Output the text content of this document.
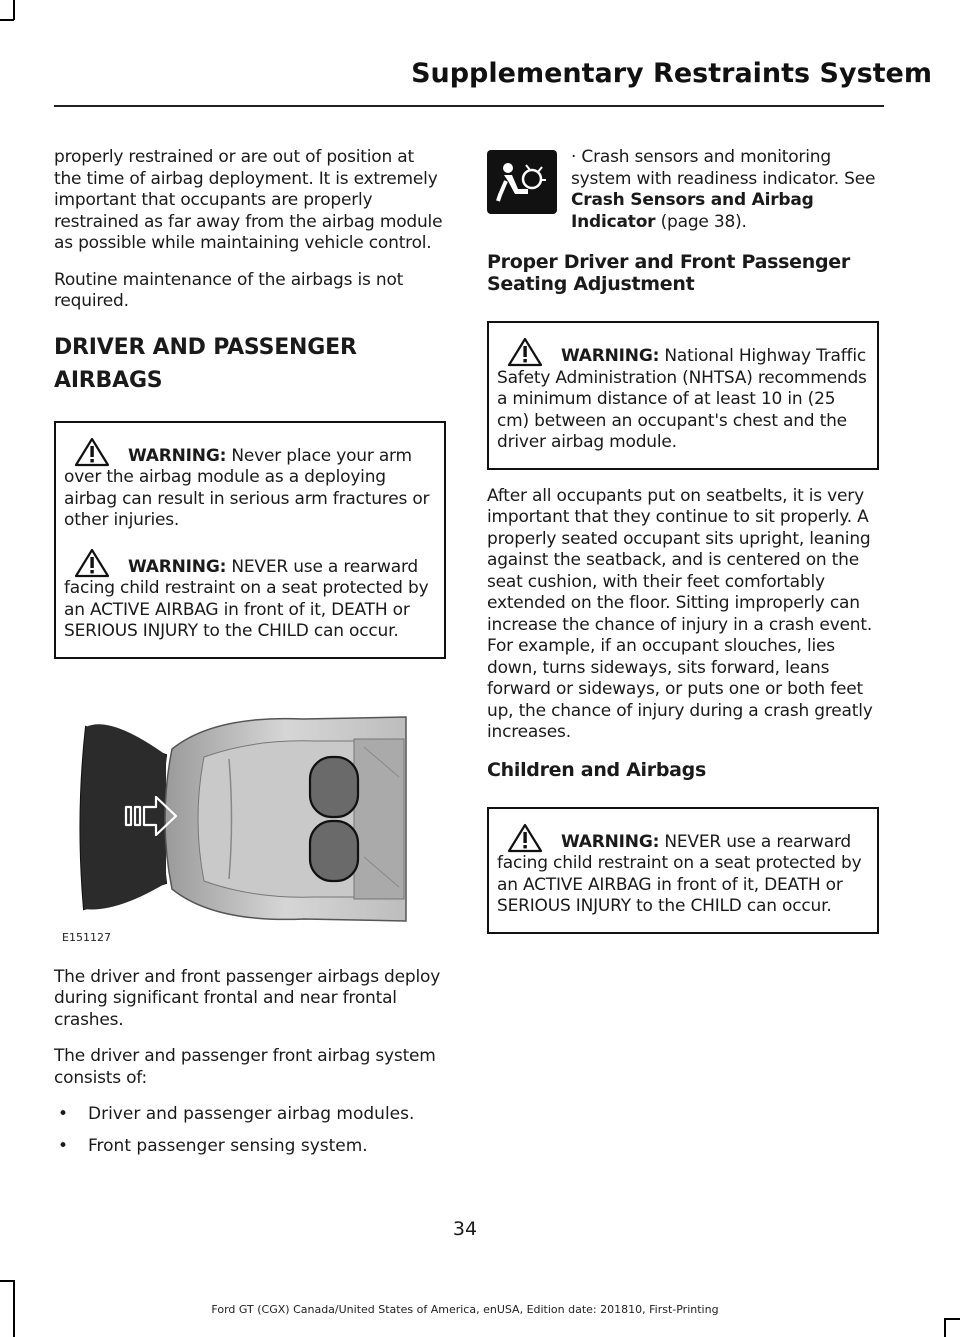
Supplementary Restraints System

properly restrained or are out of position at the time of airbag deployment. It is extremely important that occupants are properly restrained as far away from the airbag module as possible while maintaining vehicle control.

Routine maintenance of the airbags is not required.

DRIVER AND PASSENGER
AIRBAGS

WARNING: Never place your arm over the airbag module as a deploying airbag can result in serious arm fractures or other injuries.

WARNING: NEVER use a rearward facing child restraint on a seat protected by an ACTIVE AIRBAG in front of it, DEATH or SERIOUS INJURY to the CHILD can occur.

E151127

The driver and front passenger airbags deploy during significant frontal and near frontal crashes.

The driver and passenger front airbag system consists of:

• Driver and passenger airbag modules.
• Front passenger sensing system.

· Crash sensors and monitoring system with readiness indicator. See Crash Sensors and Airbag Indicator (page 38).

Proper Driver and Front Passenger Seating Adjustment

WARNING: National Highway Traffic Safety Administration (NHTSA) recommends a minimum distance of at least 10 in (25 cm) between an occupant's chest and the driver airbag module.

After all occupants put on seatbelts, it is very important that they continue to sit properly. A properly seated occupant sits upright, leaning against the seatback, and is centered on the seat cushion, with their feet comfortably extended on the floor. Sitting improperly can increase the chance of injury in a crash event. For example, if an occupant slouches, lies down, turns sideways, sits forward, leans forward or sideways, or puts one or both feet up, the chance of injury during a crash greatly increases.

Children and Airbags

WARNING: NEVER use a rearward facing child restraint on a seat protected by an ACTIVE AIRBAG in front of it, DEATH or SERIOUS INJURY to the CHILD can occur.

34
Ford GT (CGX) Canada/United States of America, enUSA, Edition date: 201810, First-Printing
